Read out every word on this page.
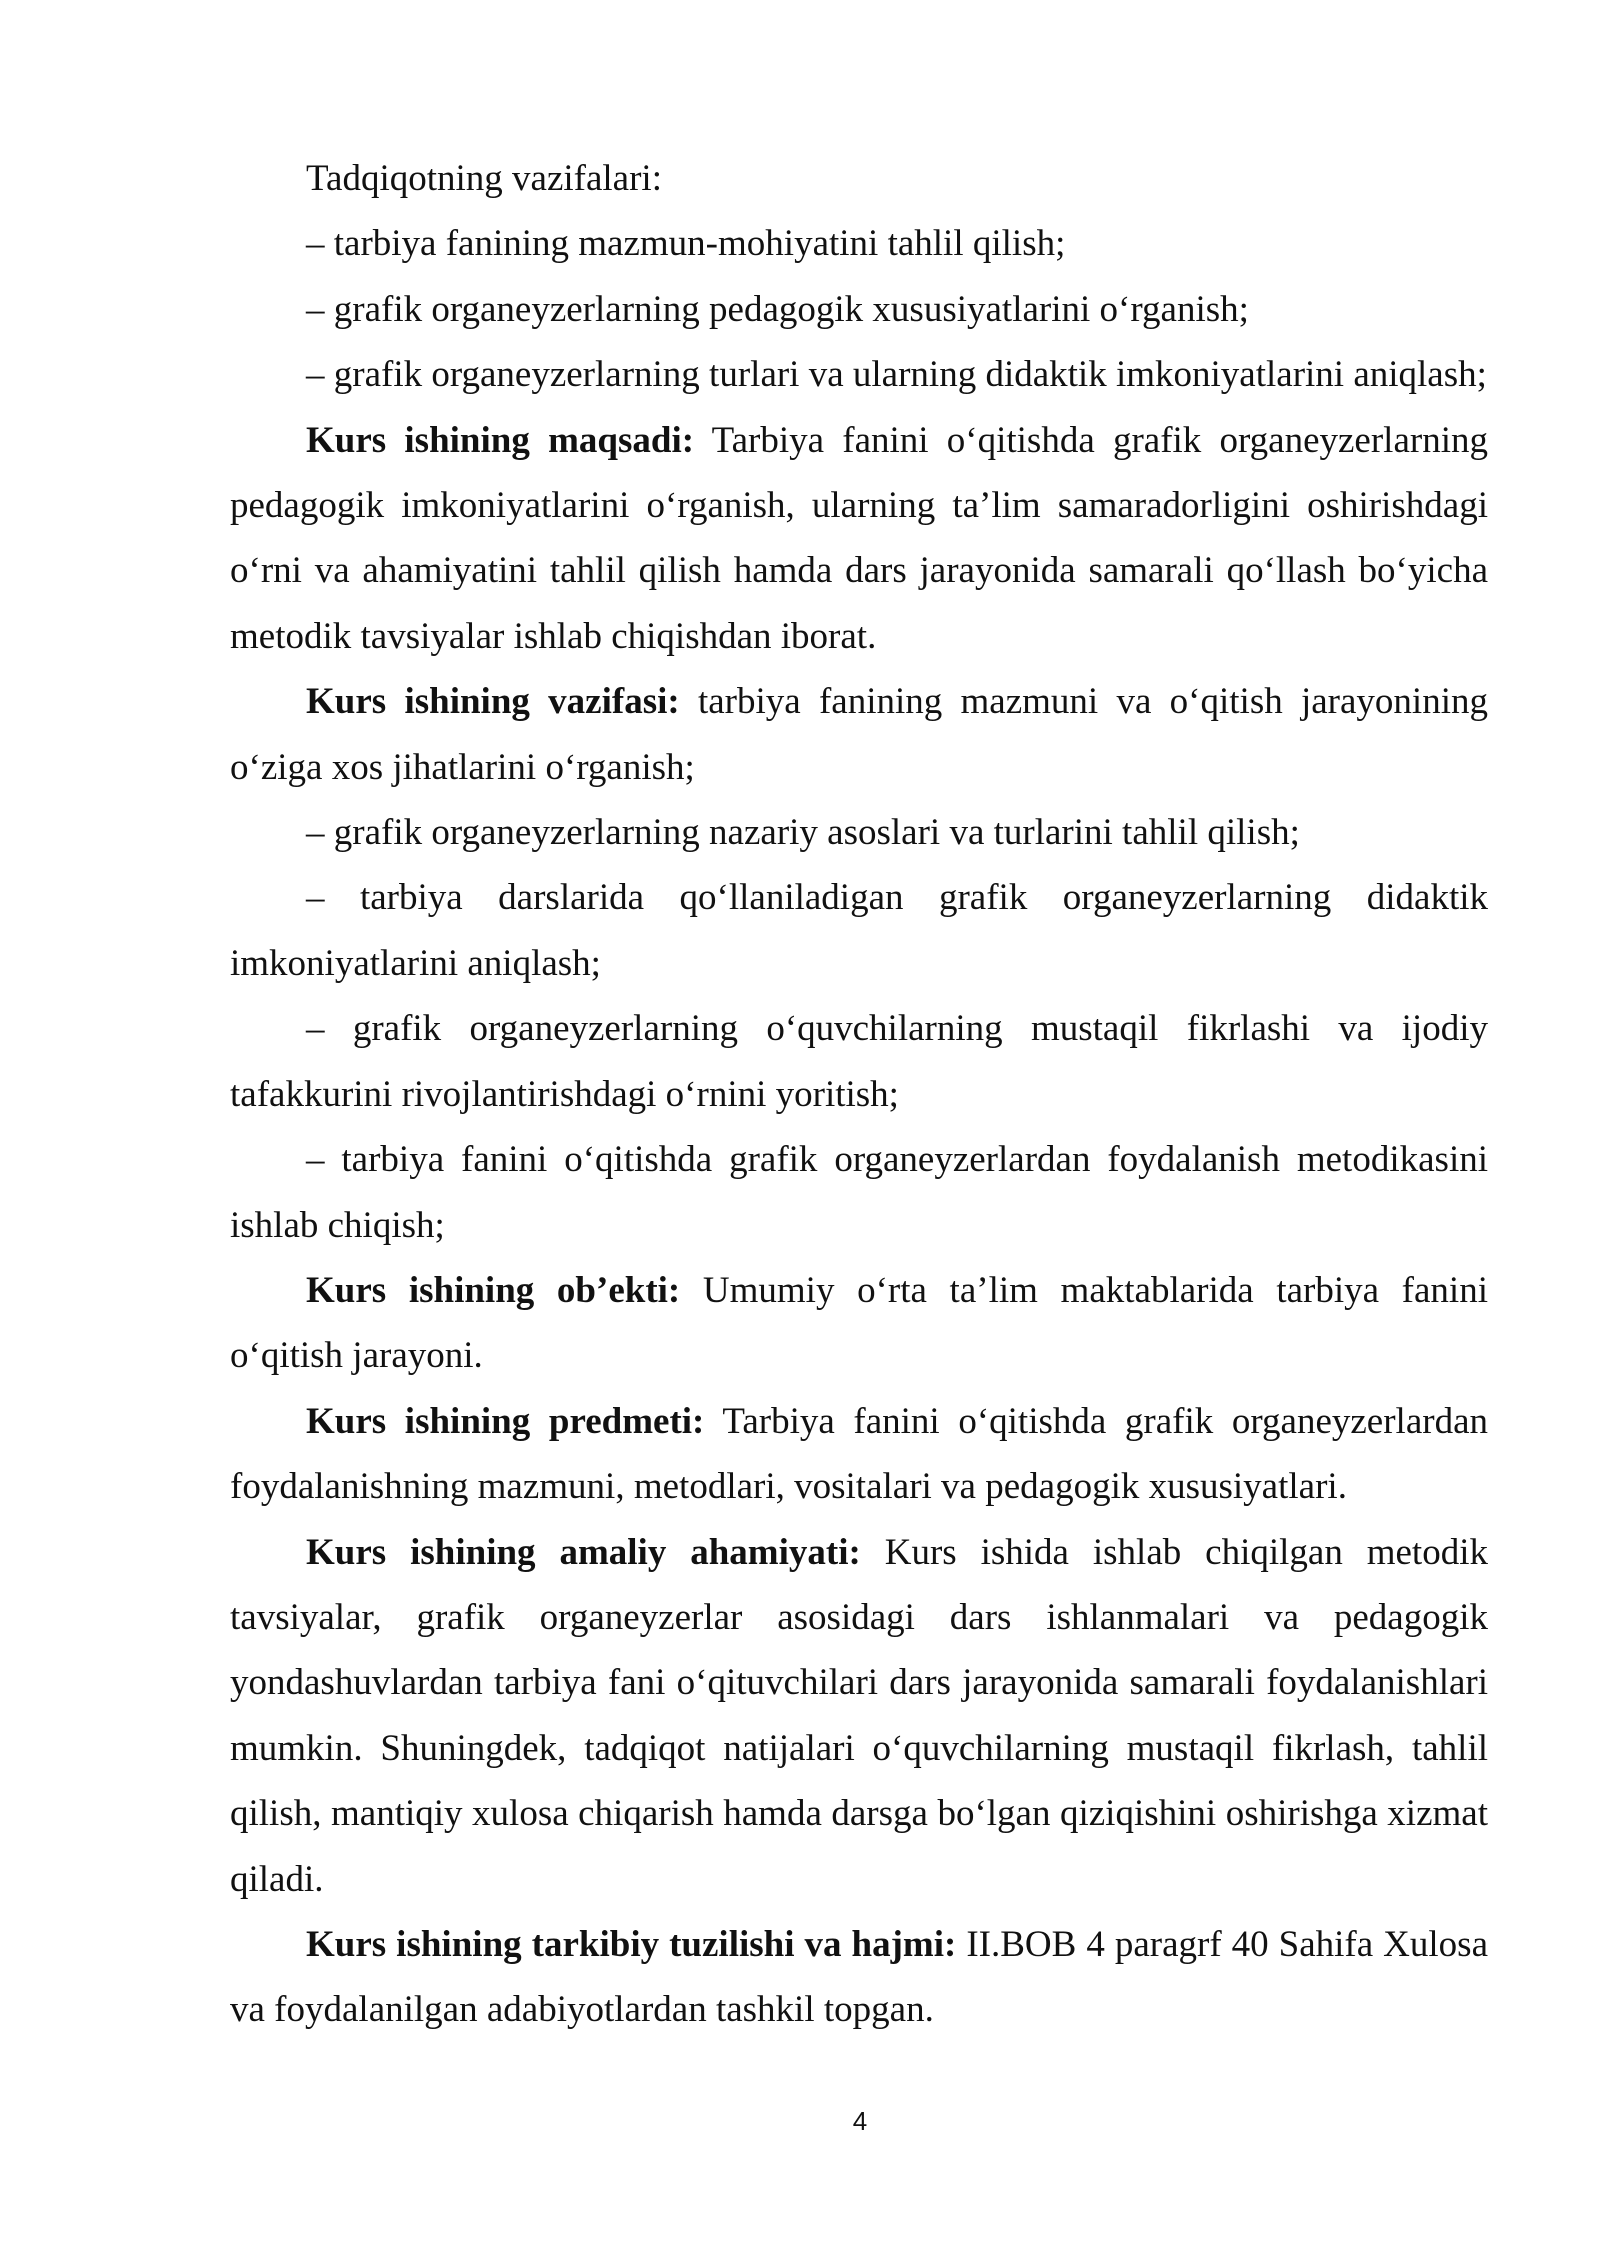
Tadqiqotning vazifalari:

– tarbiya fanining mazmun-mohiyatini tahlil qilish;

– grafik organeyzerlarning pedagogik xususiyatlarini o‘rganish;

– grafik organeyzerlarning turlari va ularning didaktik imkoniyatlarini aniqlash;

Kurs ishining maqsadi: Tarbiya fanini o‘qitishda grafik organeyzerlarning pedagogik imkoniyatlarini o‘rganish, ularning ta’lim samaradorligini oshirishdagi o‘rni va ahamiyatini tahlil qilish hamda dars jarayonida samarali qo‘llash bo‘yicha metodik tavsiyalar ishlab chiqishdan iborat.

Kurs ishining vazifasi: tarbiya fanining mazmuni va o‘qitish jarayonining o‘ziga xos jihatlarini o‘rganish;

– grafik organeyzerlarning nazariy asoslari va turlarini tahlil qilish;

– tarbiya darslarida qo‘llaniladigan grafik organeyzerlarning didaktik imkoniyatlarini aniqlash;

– grafik organeyzerlarning o‘quvchilarning mustaqil fikrlashi va ijodiy tafakkurini rivojlantirishdagi o‘rnini yoritish;

– tarbiya fanini o‘qitishda grafik organeyzerlardan foydalanish metodikasini ishlab chiqish;

Kurs ishining ob’ekti: Umumiy o‘rta ta’lim maktablarida tarbiya fanini o‘qitish jarayoni.

Kurs ishining predmeti: Tarbiya fanini o‘qitishda grafik organeyzerlardan foydalanishning mazmuni, metodlari, vositalari va pedagogik xususiyatlari.

Kurs ishining amaliy ahamiyati: Kurs ishida ishlab chiqilgan metodik tavsiyalar, grafik organeyzerlar asosidagi dars ishlanmalari va pedagogik yondashuvlardan tarbiya fani o‘qituvchilari dars jarayonida samarali foydalanishlari mumkin. Shuningdek, tadqiqot natijalari o‘quvchilarning mustaqil fikrlash, tahlil qilish, mantiqiy xulosa chiqarish hamda darsga bo‘lgan qiziqishini oshirishga xizmat qiladi.

Kurs ishining tarkibiy tuzilishi va hajmi: II.BOB 4 paragrf 40 Sahifa Xulosa va foydalanilgan adabiyotlardan tashkil topgan.

4
